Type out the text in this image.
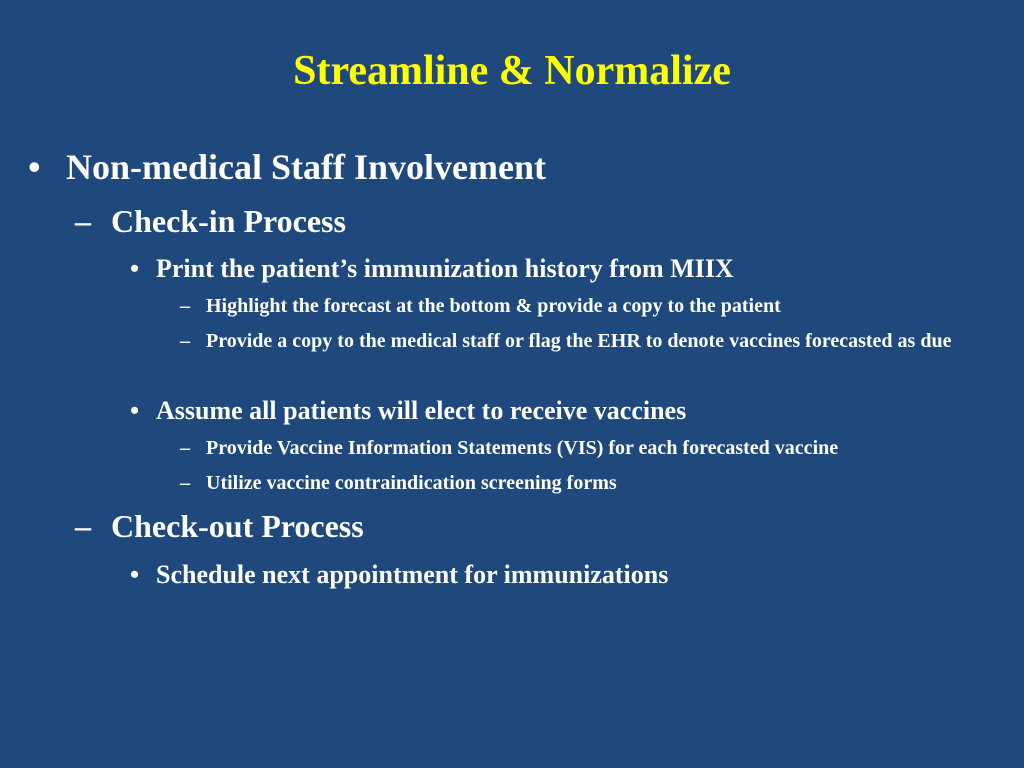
Streamline & Normalize
• Non-medical Staff Involvement
– Check-in Process
• Print the patient’s immunization history from MIIX
– Highlight the forecast at the bottom & provide a copy to the patient
– Provide a copy to the medical staff or flag the EHR to denote vaccines forecasted as due
• Assume all patients will elect to receive vaccines
– Provide Vaccine Information Statements (VIS) for each forecasted vaccine
– Utilize vaccine contraindication screening forms
– Check-out Process
• Schedule next appointment for immunizations
